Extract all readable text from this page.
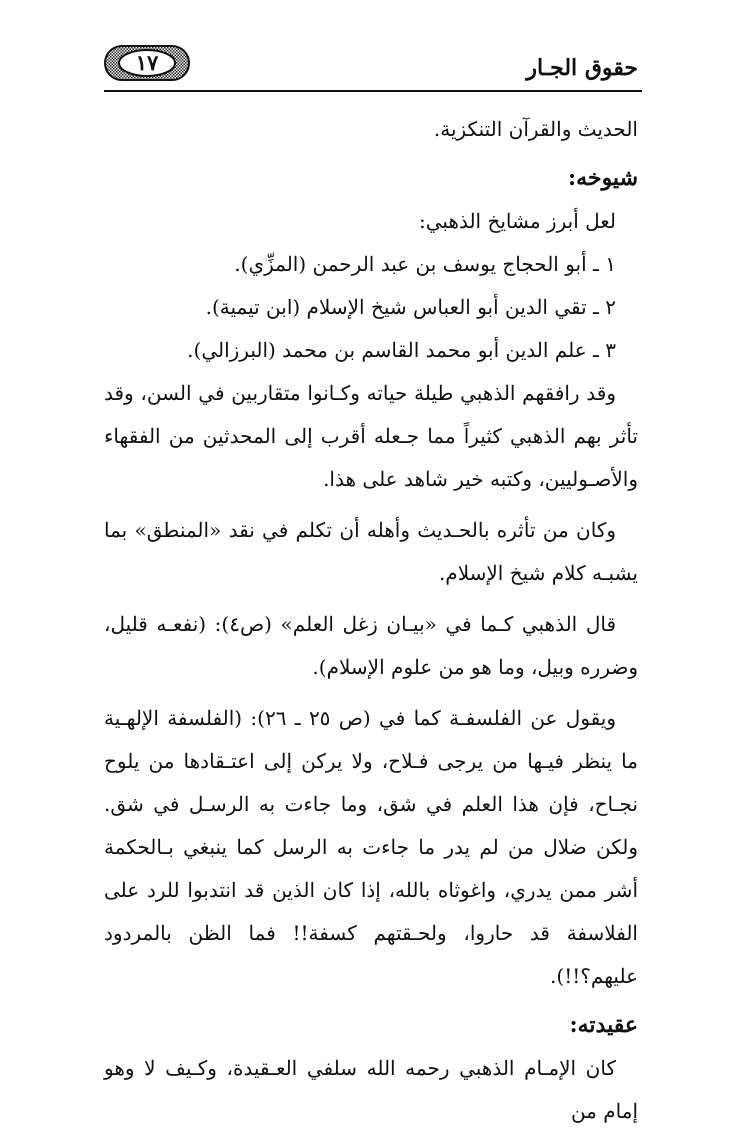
حقوق الجـار
١٧

الحديث والقرآن التنكزية.

شيوخه:

لعل أبرز مشايخ الذهبي:

١ ـ أبو الحجاج يوسف بن عبد الرحمن (المزِّي).

٢ ـ تقي الدين أبو العباس شيخ الإسلام (ابن تيمية).

٣ ـ علم الدين أبو محمد القاسم بن محمد (البرزالي).

وقد رافقهم الذهبي طيلة حياته وكـانوا متقاربين في السن، وقد تأثر بهم الذهبي كثيراً مما جـعله أقرب إلى المحدثين من الفقهاء والأصـوليين، وكتبه خير شاهد على هذا.

وكان من تأثره بالحـديث وأهله أن تكلم في نقد «المنطق» بما يشبـه كلام شيخ الإسلام.

قال الذهبي كـما في «بيـان زغل العلم» (ص٤): (نفعـه قليل، وضرره وبيل، وما هو من علوم الإسلام).

ويقول عن الفلسفـة كما في (ص ٢٥ ـ ٢٦): (الفلسفة الإلهـية ما ينظر فيـها من يرجى فـلاح، ولا يركن إلى اعتـقادها من يلوح نجـاح، فإن هذا العلم في شق، وما جاءت به الرسـل في شق. ولكن ضلال من لم يدر ما جاءت به الرسل كما ينبغي بـالحكمة أشر ممن يدري، واغوثاه بالله، إذا كان الذين قد انتدبوا للرد على الفلاسفة قد حاروا، ولحـقتهم كسفة!! فما الظن بالمردود عليهم؟!!).

عقيدته:

كان الإمـام الذهبي رحمه الله سلفي العـقيدة، وكـيف لا وهو إمام من
